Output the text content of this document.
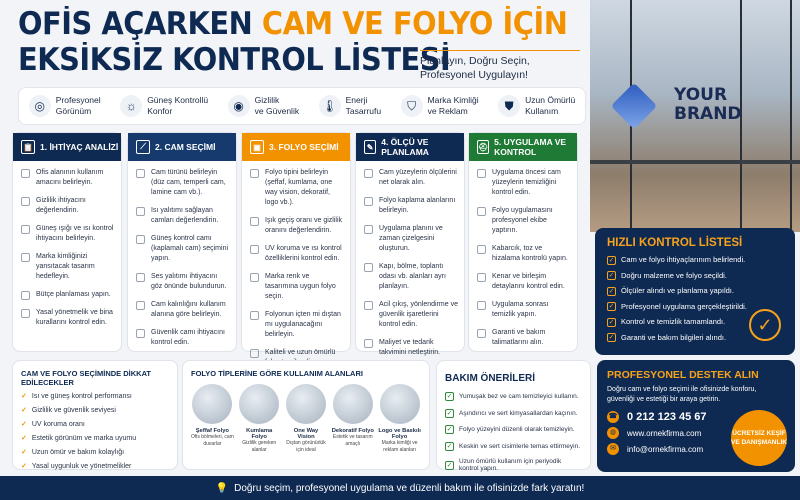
OFİS AÇARKEN CAM VE FOLYO İÇİN
EKSİKSİZ KONTROL LİSTESİ
Planlayın, Doğru Seçin,
Profesyonel Uygulayın!
◎	Profesyonel
Görünüm	☼	Güneş Kontrollü
Konfor	◉	Gizlilik
ve Güvenlik 🌡 Enerji
Tasarrufu	⛉	Marka Kimliği
ve Reklam	⛊	Uzun Ömürlü
Kullanım
YOUR
BRAND
📋 1. İHTİYAÇ ANALİZİ
Ofis alanının kullanım amacını belirleyin.
Gizlilik ihtiyacını değerlendirin.
Güneş ışığı ve ısı kontrol ihtiyacını belirleyin.
Marka kimliğinizi yansıtacak tasarım hedefleyin.
Bütçe planlaması yapın.
Yasal yönetmelik ve bina kurallarını kontrol edin.
⟋	2. CAM SEÇİMİ
Cam türünü belirleyin (düz cam, temperli cam, lamine cam vb.).
Isı yalıtımı sağlayan camları değerlendirin.
Güneş kontrol camı (kaplamalı cam) seçimini yapın.
Ses yalıtımı ihtiyacını göz önünde bulundurun.
Cam kalınlığını kullanım alanına göre belirleyin.
Güvenlik camı ihtiyacını kontrol edin.
▣ 3. FOLYO SEÇİMİ
Folyo tipini belirleyin (şeffaf, kumlama, one way vision, dekoratif, logo vb.).
Işık geçiş oranı ve gizlilik oranını değerlendirin.
UV koruma ve ısı kontrol özelliklerini kontrol edin.
Marka renk ve tasarımına uygun folyo seçin.
Folyonun içten mi dıştan mı uygulanacağını belirleyin.
Kaliteli ve uzun ömürlü
✎ 4. ÖLÇÜ VE PLANLAMA
Cam yüzeylerin ölçülerini net olarak alın.
Folyo kaplama alanlarını belirleyin.
Uygulama planını ve zaman çizelgesini oluşturun.
Kapı, bölme, toplantı odası vb. alanları ayrı planlayın.
Acil çıkış, yönlendirme ve güvenlik işaretlerini kontrol edin.
Maliyet ve tedarik takvimini netleştirin.
⛑ 5. UYGULAMA VE KONTROL
Uygulama öncesi cam yüzeylerin temizliğini kontrol edin.
Folyo uygulamasını profesyonel ekibe yaptırın.
Kabarcık, toz ve hizalama kontrolü yapın.
Kenar ve birleşim detaylarını kontrol edin.
Uygulama sonrası temizlik yapın.
Garanti ve bakım talimatlarını alın.
HIZLI KONTROL LİSTESİ
✓ Cam ve folyo ihtiyaçlarınım belirlendi.
✓ Doğru malzeme ve folyo seçildi.
✓ Ölçüler alındı ve planlama yapıldı.
✓ Profesyonel uygulama gerçekleştirildi.
✓ Kontrol ve temizlik tamamlandı.
✓ Garanti ve bakım bilgileri alındı.
✓
CAM VE FOLYO SEÇİMİNDE DİKKAT EDİLECEKLER
✓ Isı ve güneş kontrol performansı
✓ Gizlilik ve güvenlik seviyesi
✓ UV koruma oranı
✓ Estetik görünüm ve marka uyumu
✓ Uzun ömür ve bakım kolaylığı
✓ Yasal uygunluk ve yönetmelikler
FOLYO TİPLERİNE GÖRE KULLANIM ALANLARI
Şeffaf Folyo
Ofis bölmeleri, cam duvarlar
Kumlama Folyo
Gizlilik gereken alanlar
One Way Vision
Dıştan görünürlük için ideal
Dekoratif Folyo
Estetik ve tasarım amaçlı
Logo ve Baskılı Folyo
Marka kimliği ve reklam alanları
BAKIM ÖNERİLERİ
✓ Yumuşak bez ve cam temizleyici kullanın.
✓ Aşındırıcı ve sert kimyasallardan kaçının.
✓ Folyo yüzeyini düzenli olarak temizleyin.
✓ Keskin ve sert cisimlerle temas ettirmeyin.
✓ Uzun ömürlü kullanım için periyodik kontrol yapın.
PROFESYONEL DESTEK ALIN
Doğru cam ve folyo seçimi ile ofisinizde konforu, güvenliği ve estetiği bir araya getirin.
☎ 0 212 123 45 67
◍	www.ornekfirma.com
✉	info@ornekfirma.com
ÜCRETSİZ KEŞİF VE DANIŞMANLIK
💡 Doğru seçim, profesyonel uygulama ve düzenli bakım ile ofisinizde fark yaratın!
